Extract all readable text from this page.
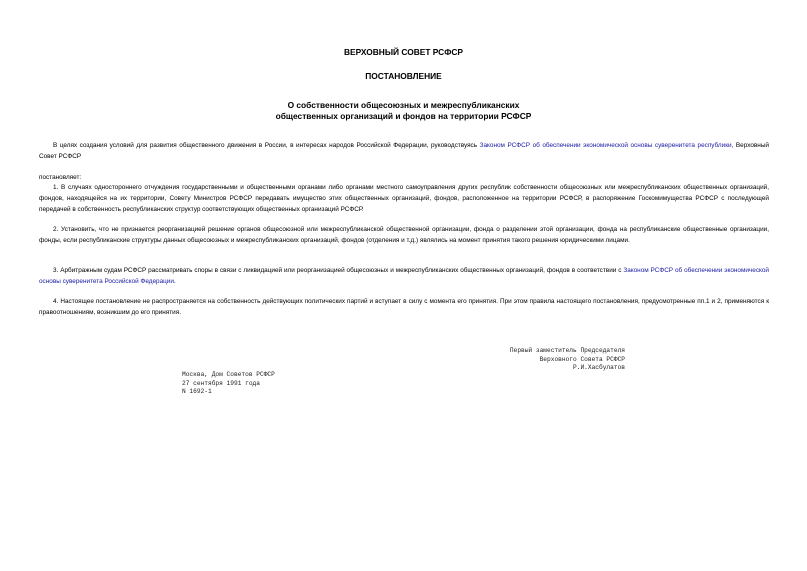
ВЕРХОВНЫЙ СОВЕТ РСФСР
ПОСТАНОВЛЕНИЕ
О собственности общесоюзных и межреспубликанских
общественных организаций и фондов на территории РСФСР
В целях создания условий для развития общественного движения в России, в интересах народов Российской Федерации, руководствуясь Законом РСФСР об обеспечении экономической основы суверенитета республики, Верховный Совет РСФСР
постановляет:
1. В случаях одностороннего отчуждения государственными и общественными органами либо органами местного самоуправления других республик собственности общесоюзных или межреспубликанских общественных организаций, фондов, находящейся на их территории, Совету Министров РСФСР передавать имущество этих общественных организаций, фондов, расположенное на территории РСФСР, в распоряжение Госкомимущества РСФСР с последующей передачей в собственность республиканских структур соответствующих общественных организаций РСФСР.
2. Установить, что не признается реорганизацией решение органов общесоюзной или межреспубликанской общественной организации, фонда о разделении этой организации, фонда на республиканские общественные организации, фонды, если республиканские структуры данных общесоюзных и межреспубликанских организаций, фондов (отделения и т.д.) являлись на момент принятия такого решения юридическими лицами.
3. Арбитражным судам РСФСР рассматривать споры в связи с ликвидацией или реорганизацией общесоюзных и межреспубликанских общественных организаций, фондов в соответствии с Законом РСФСР об обеспечении экономической основы суверенитета Российской Федерации.
4. Настоящее постановление не распространяется на собственность действующих политических партий и вступает в силу с момента его принятия. При этом правила настоящего постановления, предусмотренные пп.1 и 2, применяются к правоотношениям, возникшим до его принятия.
Первый заместитель Председателя
Верховного Совета РСФСР
Р.И.Хасбулатов
Москва, Дом Советов РСФСР
27 сентября 1991 года
N 1692-1
